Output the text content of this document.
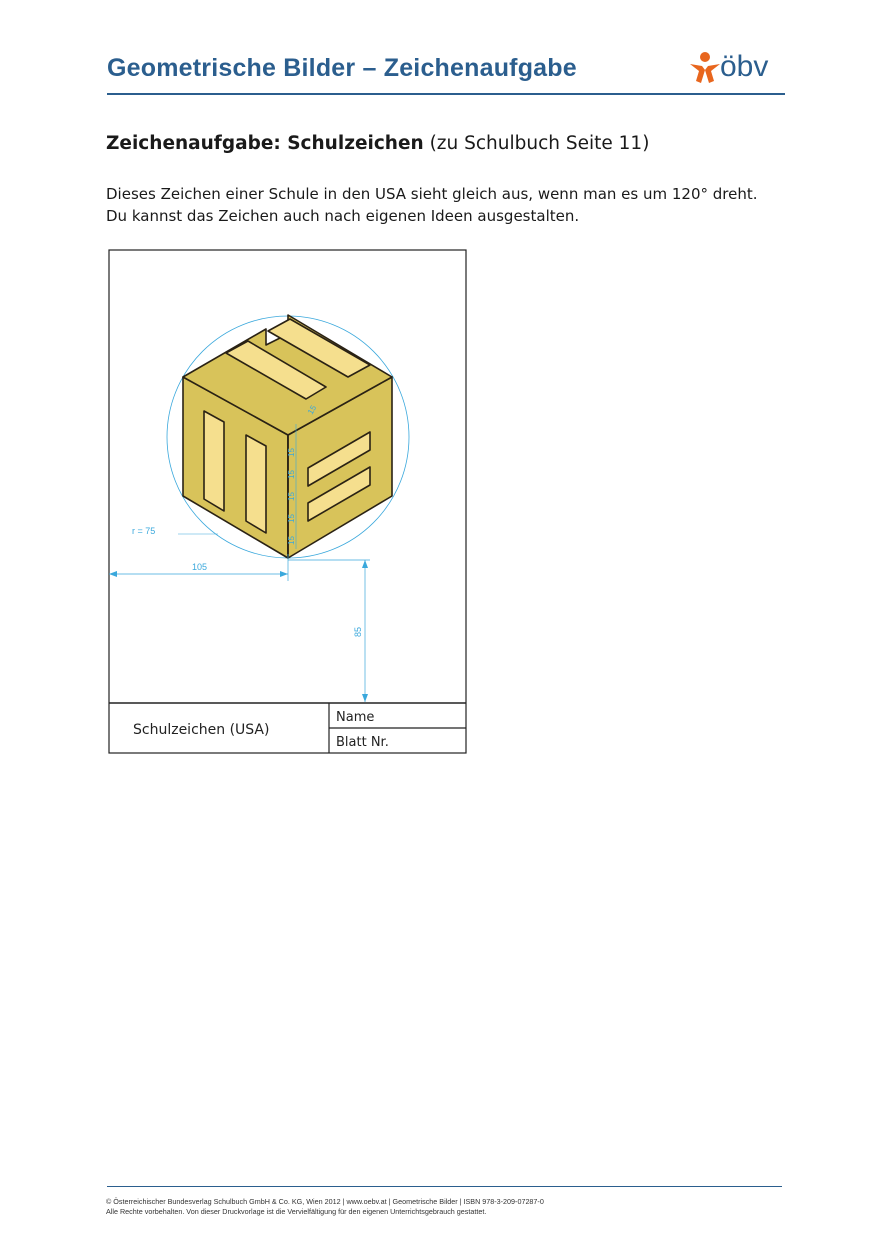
Geometrische Bilder – Zeichenaufgabe	öbv
Zeichenaufgabe: Schulzeichen (zu Schulbuch Seite 11)
Dieses Zeichen einer Schule in den USA sieht gleich aus, wenn man es um 120° dreht.
Du kannst das Zeichen auch nach eigenen Ideen ausgestalten.
r = 75
105
85
15
15
15
15
15
15
Schulzeichen (USA)
Name
Blatt Nr.
© Österreichischer Bundesverlag Schulbuch GmbH & Co. KG, Wien 2012 | www.oebv.at | Geometrische Bilder | ISBN 978-3-209-07287-0
Alle Rechte vorbehalten. Von dieser Druckvorlage ist die Vervielfältigung für den eigenen Unterrichtsgebrauch gestattet.
